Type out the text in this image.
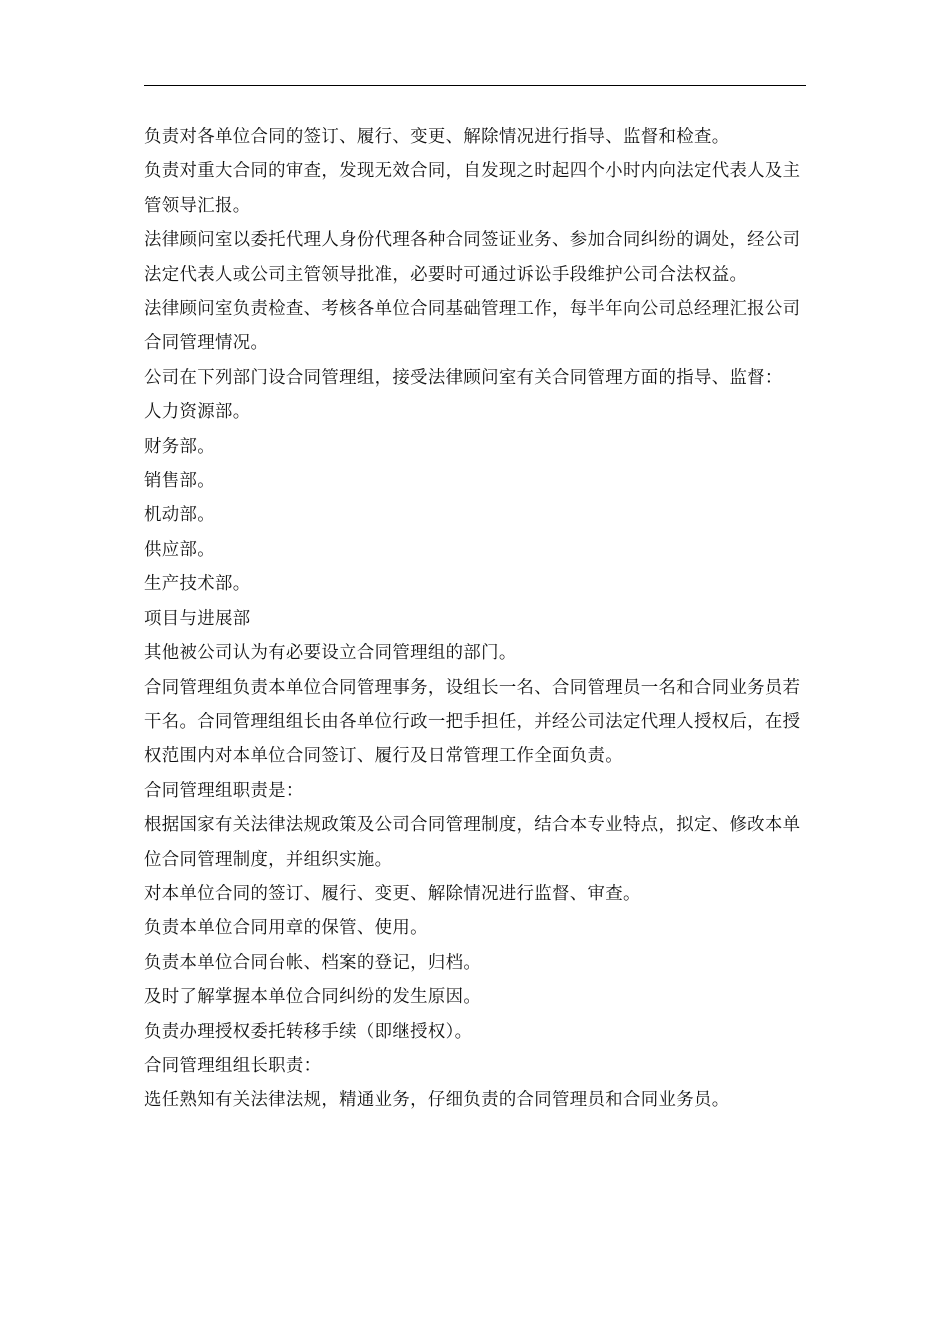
负责对各单位合同的签订、履行、变更、解除情况进行指导、监督和检查。

负责对重大合同的审查，发现无效合同，自发现之时起四个小时内向法定代表人及主管领导汇报。

法律顾问室以委托代理人身份代理各种合同签证业务、参加合同纠纷的调处，经公司法定代表人或公司主管领导批准，必要时可通过诉讼手段维护公司合法权益。

法律顾问室负责检查、考核各单位合同基础管理工作，每半年向公司总经理汇报公司合同管理情况。

公司在下列部门设合同管理组，接受法律顾问室有关合同管理方面的指导、监督：

人力资源部。

财务部。

销售部。

机动部。

供应部。

生产技术部。

项目与进展部

其他被公司认为有必要设立合同管理组的部门。

合同管理组负责本单位合同管理事务，设组长一名、合同管理员一名和合同业务员若干名。合同管理组组长由各单位行政一把手担任，并经公司法定代理人授权后，在授权范围内对本单位合同签订、履行及日常管理工作全面负责。

合同管理组职责是：

根据国家有关法律法规政策及公司合同管理制度，结合本专业特点，拟定、修改本单位合同管理制度，并组织实施。

对本单位合同的签订、履行、变更、解除情况进行监督、审查。

负责本单位合同用章的保管、使用。

负责本单位合同台帐、档案的登记，归档。

及时了解掌握本单位合同纠纷的发生原因。

负责办理授权委托转移手续（即继授权）。

合同管理组组长职责：

选任熟知有关法律法规，精通业务，仔细负责的合同管理员和合同业务员。
